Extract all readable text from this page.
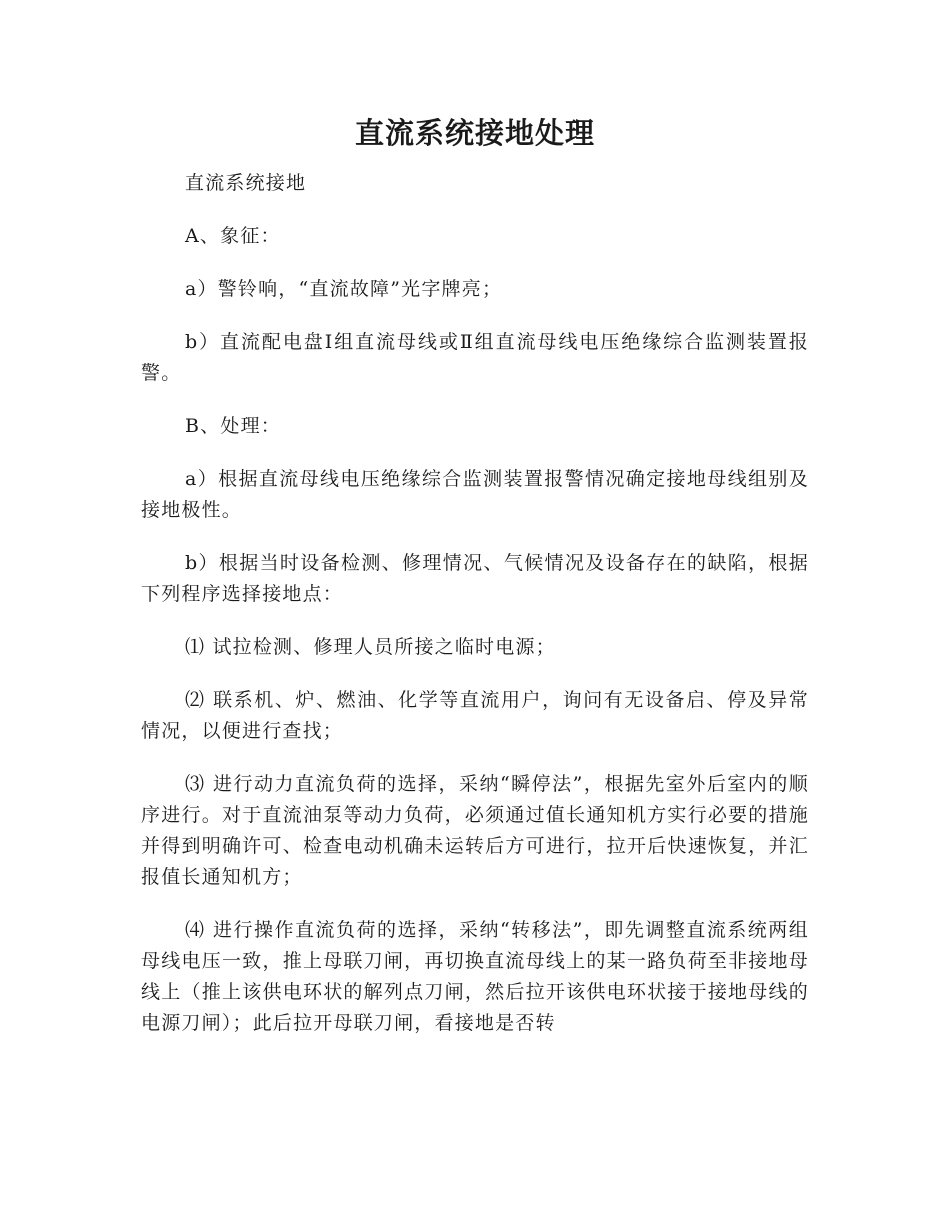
直流系统接地处理

直流系统接地

A、象征：

a）警铃响，“直流故障”光字牌亮；

b）直流配电盘Ⅰ组直流母线或Ⅱ组直流母线电压绝缘综合监测装置报警。

B、处理：

a）根据直流母线电压绝缘综合监测装置报警情况确定接地母线组别及接地极性。

b）根据当时设备检测、修理情况、气候情况及设备存在的缺陷，根据下列程序选择接地点：

⑴ 试拉检测、修理人员所接之临时电源；

⑵ 联系机、炉、燃油、化学等直流用户，询问有无设备启、停及异常情况，以便进行查找；

⑶ 进行动力直流负荷的选择，采纳“瞬停法”，根据先室外后室内的顺序进行。对于直流油泵等动力负荷，必须通过值长通知机方实行必要的措施并得到明确许可、检查电动机确未运转后方可进行，拉开后快速恢复，并汇报值长通知机方；

⑷ 进行操作直流负荷的选择，采纳“转移法”，即先调整直流系统两组母线电压一致，推上母联刀闸，再切换直流母线上的某一路负荷至非接地母线上（推上该供电环状的解列点刀闸，然后拉开该供电环状接于接地母线的电源刀闸）；此后拉开母联刀闸，看接地是否转
